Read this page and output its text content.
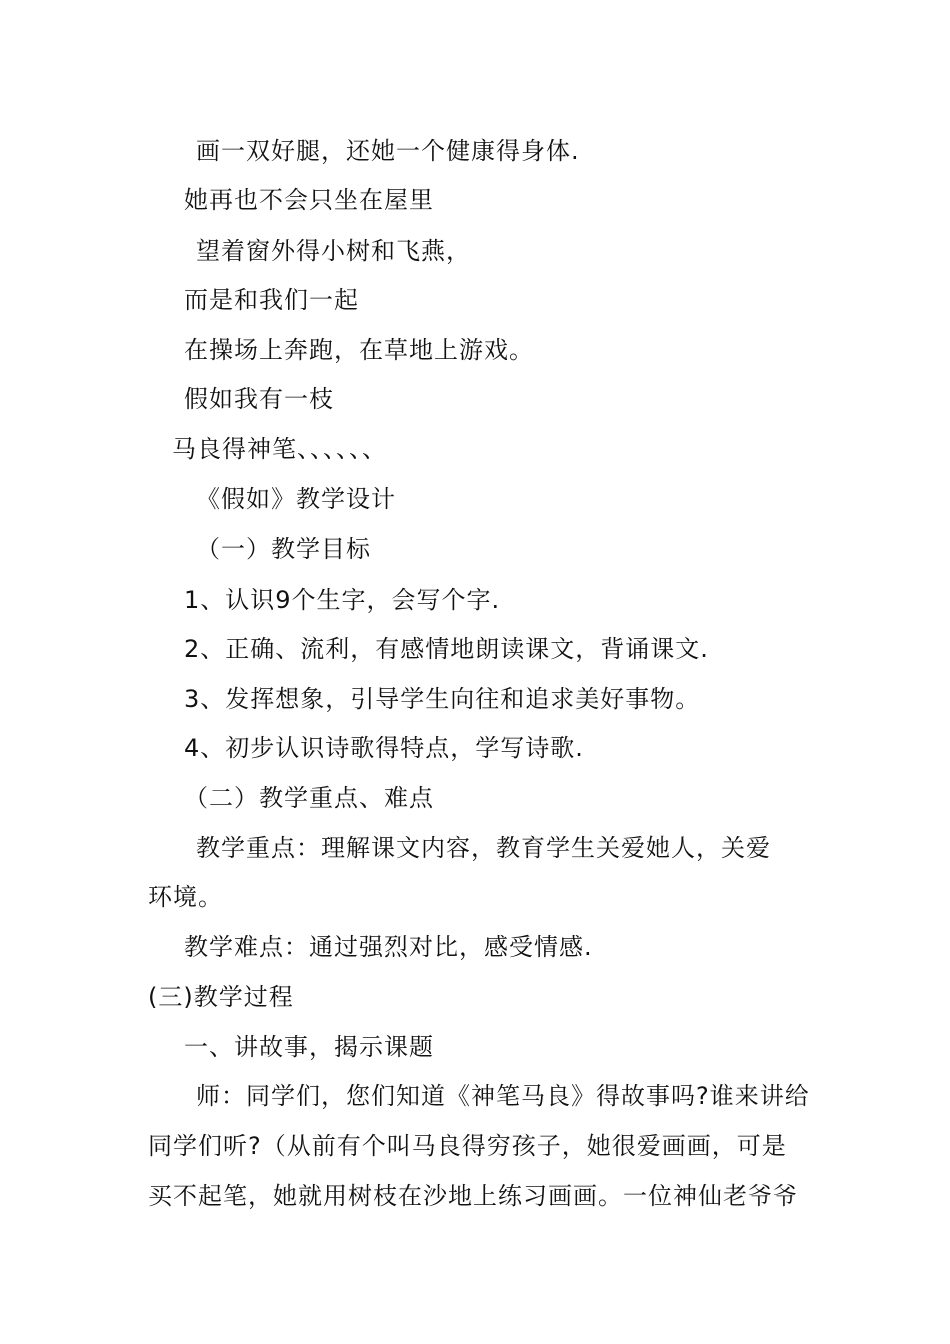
画一双好腿，还她一个健康得身体.
她再也不会只坐在屋里
望着窗外得小树和飞燕，
而是和我们一起
在操场上奔跑，在草地上游戏。
假如我有一枝
马良得神笔、、、、、、
《假如》教学设计
（一）教学目标
1、认识9个生字，会写个字.
2、正确、流利，有感情地朗读课文，背诵课文.
3、发挥想象，引导学生向往和追求美好事物。
4、初步认识诗歌得特点，学写诗歌.
（二）教学重点、难点
教学重点：理解课文内容，教育学生关爱她人，关爱
环境。
教学难点：通过强烈对比，感受情感.
(三)教学过程
一、讲故事，揭示课题
师：同学们，您们知道《神笔马良》得故事吗?谁来讲给
同学们听?（从前有个叫马良得穷孩子，她很爱画画，可是
买不起笔，她就用树枝在沙地上练习画画。一位神仙老爷爷
